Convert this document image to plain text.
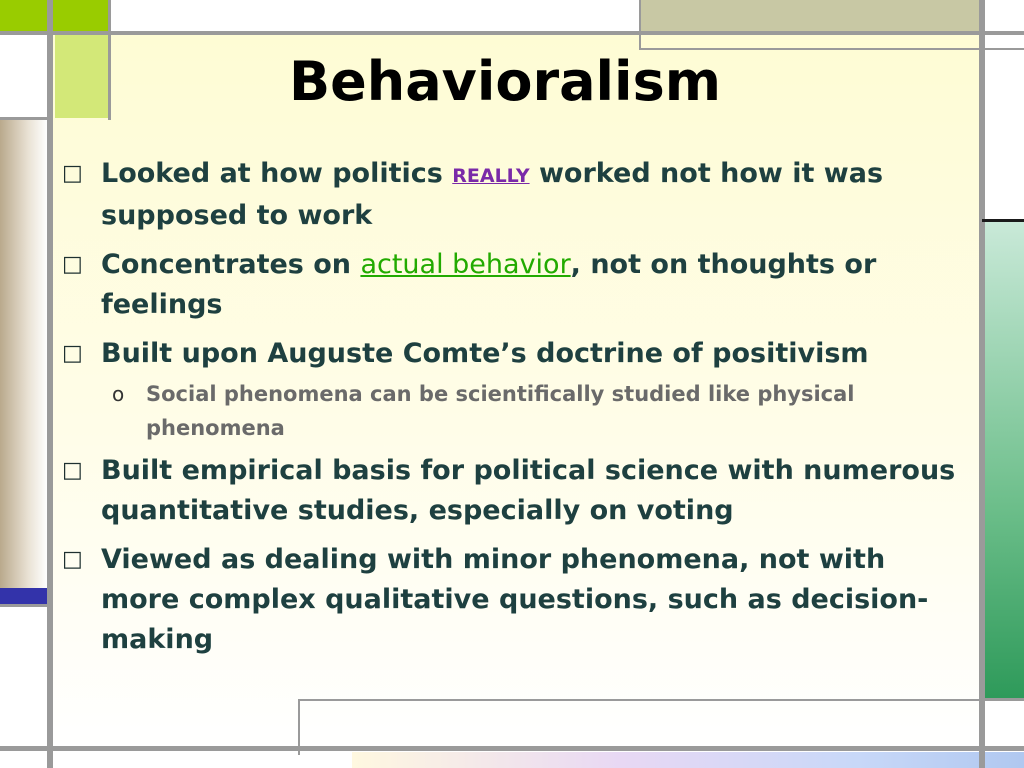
Behavioralism
□ Looked at how politics REALLY worked not how it was supposed to work
□ Concentrates on actual behavior, not on thoughts or feelings
□ Built upon Auguste Comte’s doctrine of positivism
o Social phenomena can be scientifically studied like physical phenomena
□ Built empirical basis for political science with numerous quantitative studies, especially on voting
□ Viewed as dealing with minor phenomena, not with more complex qualitative questions, such as decision-making
